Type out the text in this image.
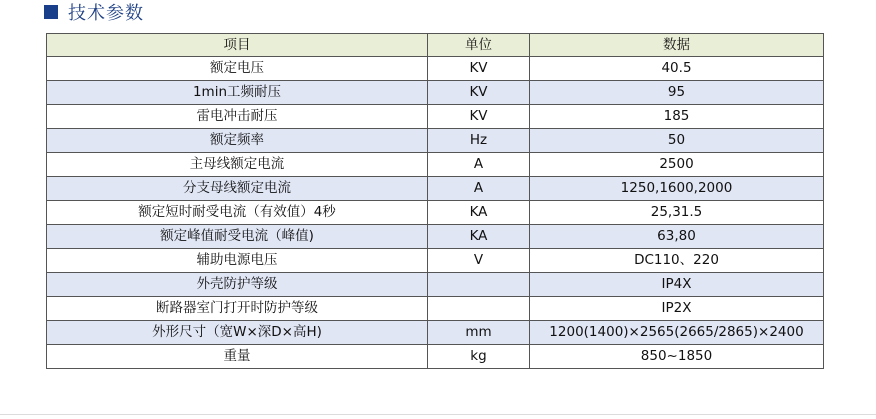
技术参数
项目	单位	数据
额定电压	KV	40.5
1min工频耐压	KV	95
雷电冲击耐压	KV	185
额定频率	Hz	50
主母线额定电流	A	2500
分支母线额定电流	A	1250,1600,2000
额定短时耐受电流（有效值）4秒	KA	25,31.5
额定峰值耐受电流（峰值)	KA	63,80
辅助电源电压	V	DC110、220
外壳防护等级		IP4X
断路器室门打开时防护等级		IP2X
外形尺寸（宽W×深D×高H)	mm	1200(1400)×2565(2665/2865)×2400
重量	kg	850~1850
